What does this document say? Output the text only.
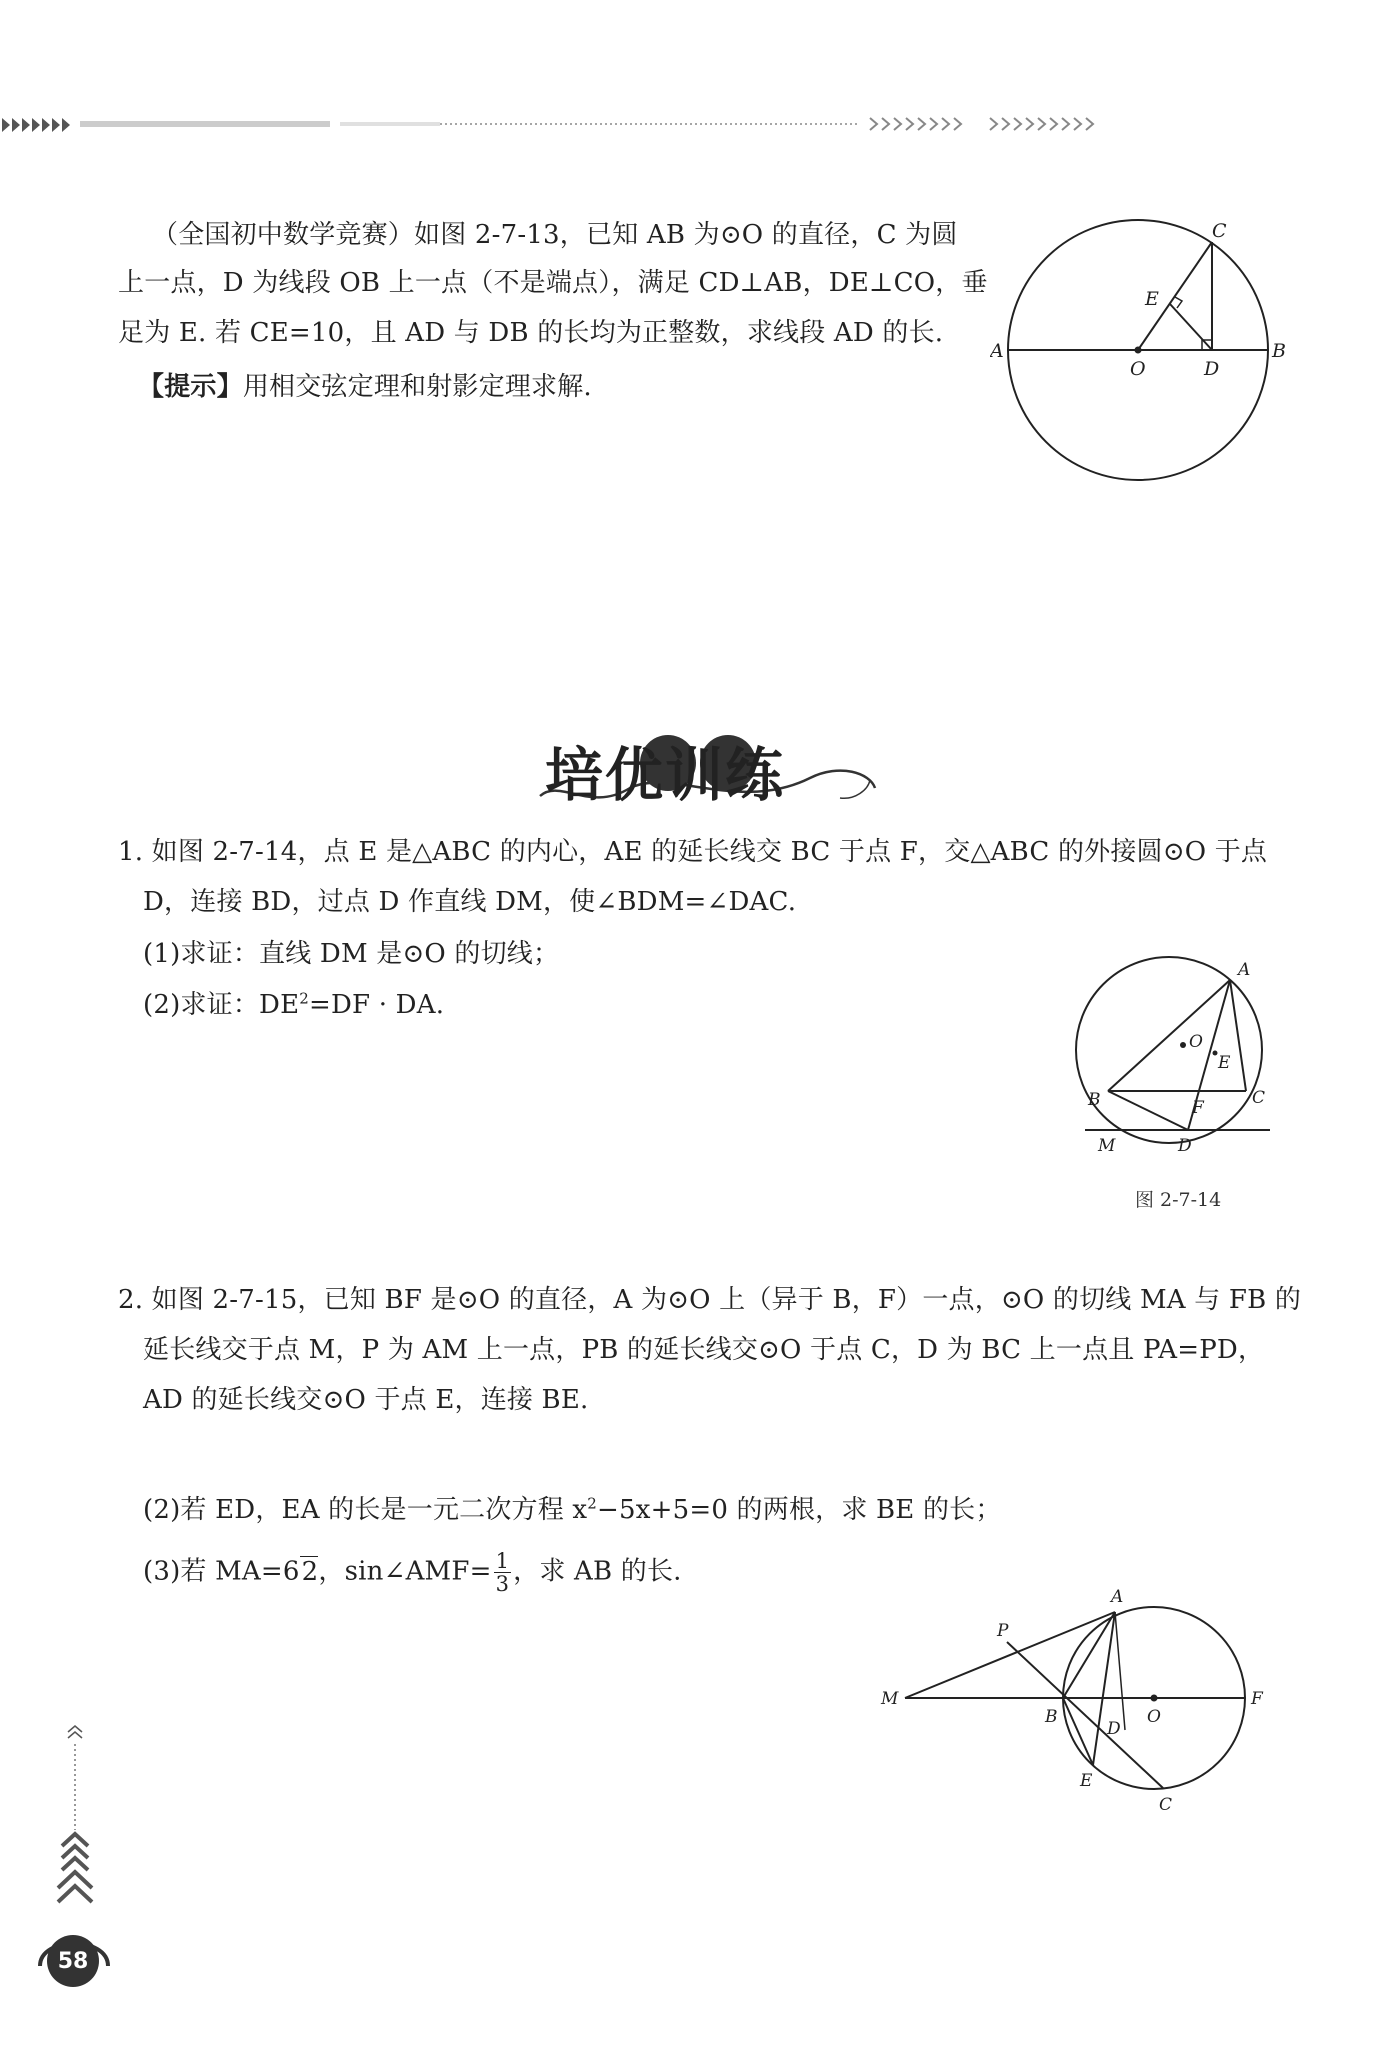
（全国初中数学竞赛）如图 2-7-13，已知 AB 为⊙O 的直径，C 为圆
上一点，D 为线段 OB 上一点（不是端点），满足 CD⊥AB，DE⊥CO，垂
足为 E. 若 CE=10，且 AD 与 DB 的长均为正整数，求线段 AD 的长.
【提示】用相交弦定理和射影定理求解.
A	B
C
E
O	D
培优训练
1. 如图 2-7-14，点 E 是△ABC 的内心，AE 的延长线交 BC 于点 F，交△ABC 的外接圆⊙O 于点
D，连接 BD，过点 D 作直线 DM，使∠BDM=∠DAC.
(1)求证：直线 DM 是⊙O 的切线；
(2)求证：$DE^2=DF$ · DA.
A
O
E
B	C
F
M	D
图 2-7-14
2. 如图 2-7-15，已知 BF 是⊙O 的直径，A 为⊙O 上（异于 B，F）一点，⊙O 的切线 MA 与 FB 的
延长线交于点 M，P 为 AM 上一点，PB 的延长线交⊙O 于点 C，D 为 BC 上一点且 PA=PD，
AD 的延长线交⊙O 于点 E，连接 BE.
(2)若 ED，EA 的长是一元二次方程 $x^2-5x+5=0$ 的两根，求 BE 的长；
(3)若 MA=62，sin∠AMF= $\frac{1}{3}$ ，求 AB 的长.
A
P
M
B
D
O
F
E
C
58
